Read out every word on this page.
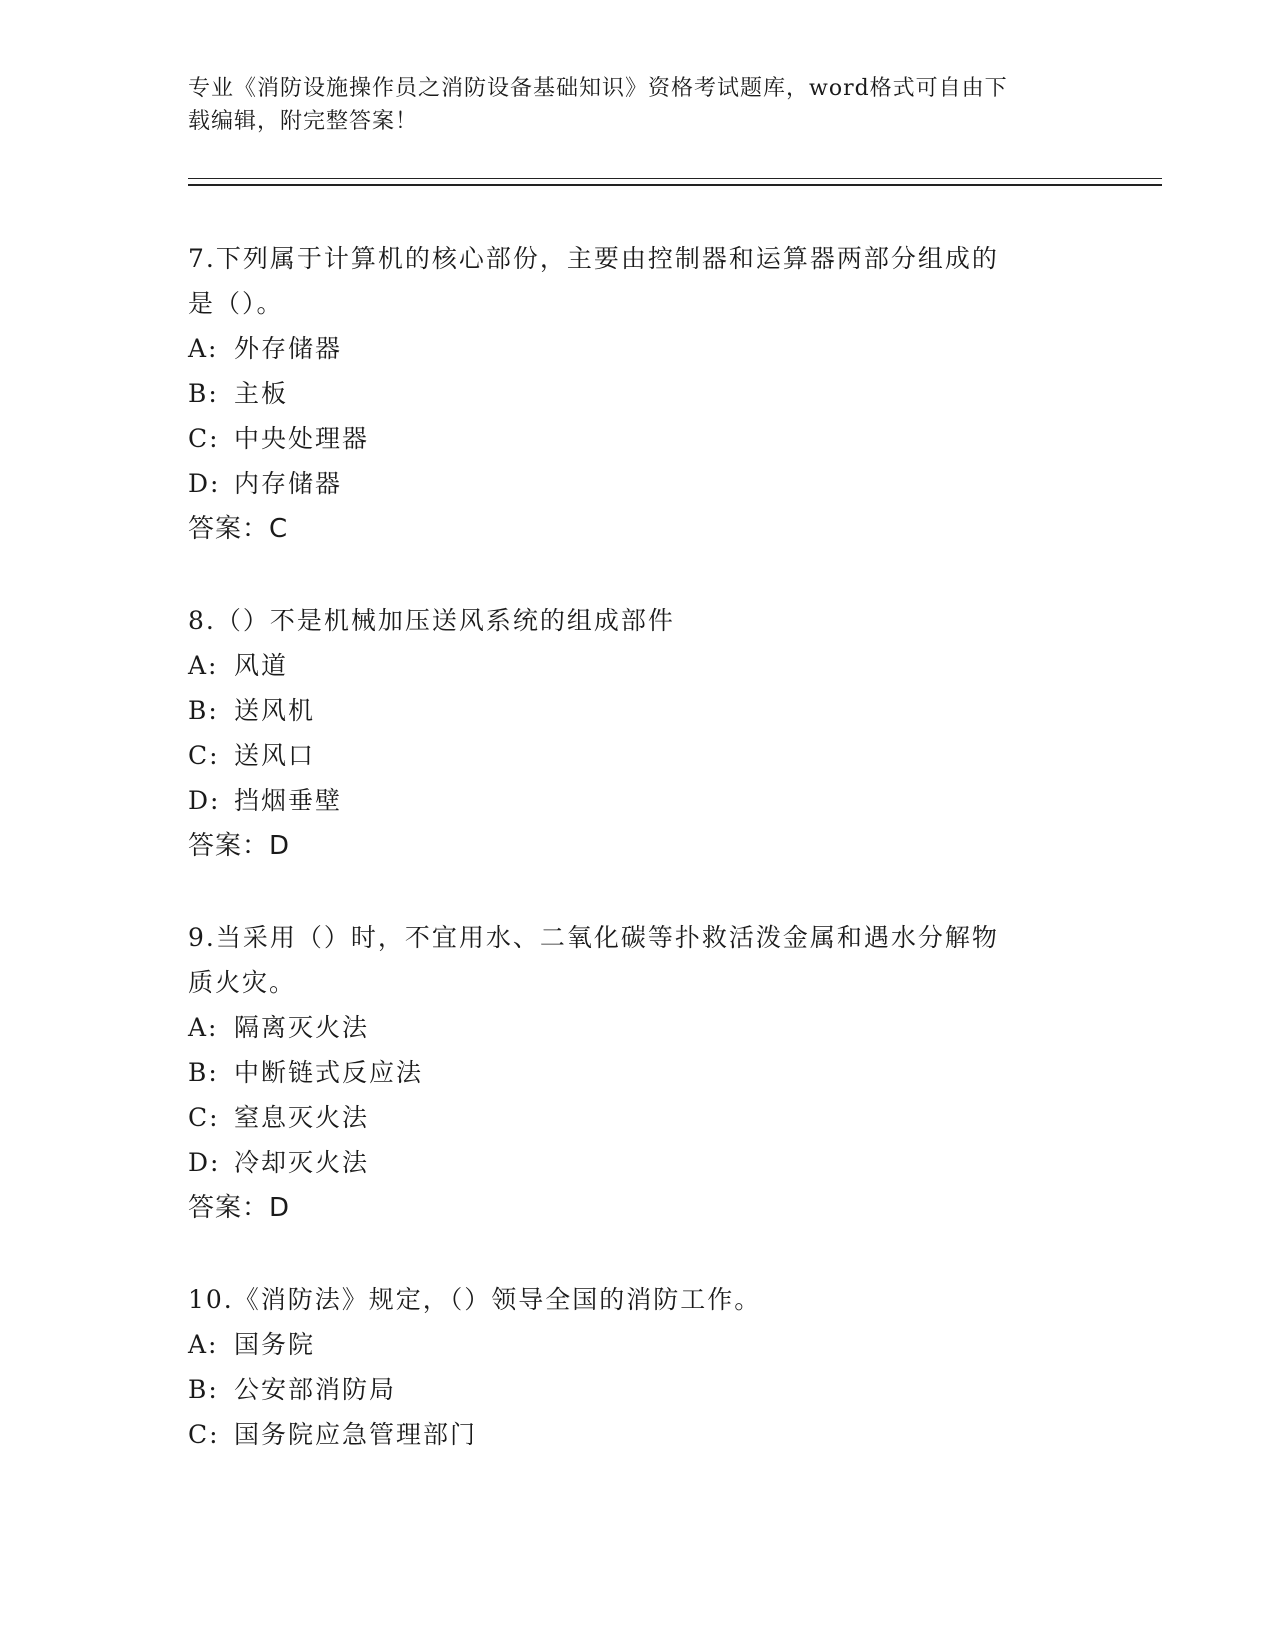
专业《消防设施操作员之消防设备基础知识》资格考试题库，word格式可自由下
载编辑，附完整答案！

7.下列属于计算机的核心部份，主要由控制器和运算器两部分组成的

是（）。

A: 外存储器

B: 主板

C: 中央处理器

D: 内存储器

答案：C

8.（）不是机械加压送风系统的组成部件

A: 风道

B: 送风机

C: 送风口

D: 挡烟垂壁

答案：D

9.当采用（）时，不宜用水、二氧化碳等扑救活泼金属和遇水分解物

质火灾。

A: 隔离灭火法

B: 中断链式反应法

C: 窒息灭火法

D: 冷却灭火法

答案：D

10.《消防法》规定，（）领导全国的消防工作。

A: 国务院

B: 公安部消防局

C: 国务院应急管理部门
